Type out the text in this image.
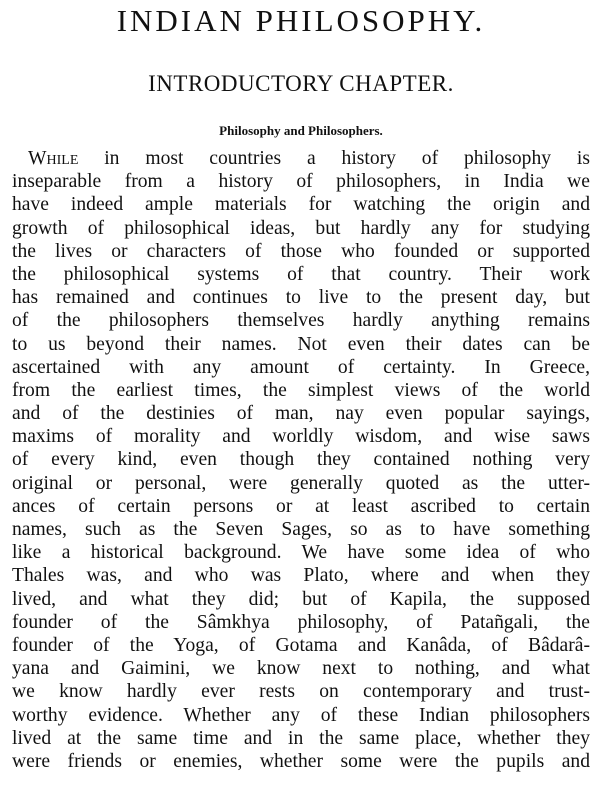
INDIAN PHILOSOPHY.
INTRODUCTORY CHAPTER.
Philosophy and Philosophers.
While in most countries a history of philosophy is
inseparable from a history of philosophers, in India we
have indeed ample materials for watching the origin and
growth of philosophical ideas, but hardly any for studying
the lives or characters of those who founded or supported
the philosophical systems of that country. Their work
has remained and continues to live to the present day, but
of the philosophers themselves hardly anything remains
to us beyond their names. Not even their dates can be
ascertained with any amount of certainty. In Greece,
from the earliest times, the simplest views of the world
and of the destinies of man, nay even popular sayings,
maxims of morality and worldly wisdom, and wise saws
of every kind, even though they contained nothing very
original or personal, were generally quoted as the utter-
ances of certain persons or at least ascribed to certain
names, such as the Seven Sages, so as to have something
like a historical background. We have some idea of who
Thales was, and who was Plato, where and when they
lived, and what they did; but of Kapila, the supposed
founder of the Sâmkhya philosophy, of Patañgali, the
founder of the Yoga, of Gotama and Kanâda, of Bâdarâ-
yana and Gaimini, we know next to nothing, and what
we know hardly ever rests on contemporary and trust-
worthy evidence. Whether any of these Indian philosophers
lived at the same time and in the same place, whether they
were friends or enemies, whether some were the pupils and
